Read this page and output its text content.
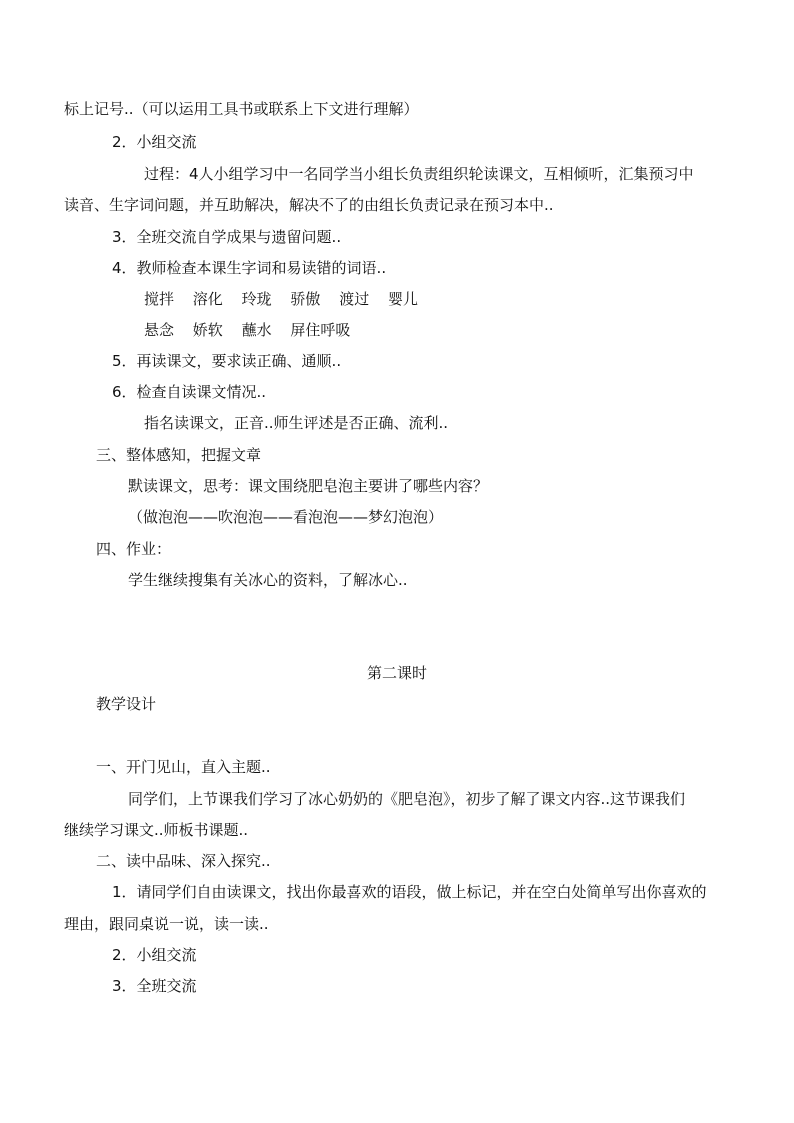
标上记号..（可以运用工具书或联系上下文进行理解）
2．小组交流
过程：4人小组学习中一名同学当小组长负责组织轮读课文，互相倾听，汇集预习中
读音、生字词问题，并互助解决，解决不了的由组长负责记录在预习本中..
3．全班交流自学成果与遗留问题..
4．教师检查本课生字词和易读错的词语..
搅拌 溶化 玲珑 骄傲 渡过 婴儿
悬念 娇软 蘸水 屏住呼吸
5．再读课文，要求读正确、通顺..
6．检查自读课文情况..
指名读课文，正音..师生评述是否正确、流利..
三、整体感知，把握文章
默读课文，思考：课文围绕肥皂泡主要讲了哪些内容？
（做泡泡——吹泡泡——看泡泡——梦幻泡泡）
四、作业：
学生继续搜集有关冰心的资料，了解冰心..
第二课时
教学设计
一、开门见山，直入主题..
同学们，上节课我们学习了冰心奶奶的《肥皂泡》，初步了解了课文内容..这节课我们
继续学习课文..师板书课题..
二、读中品味、深入探究..
1．请同学们自由读课文，找出你最喜欢的语段，做上标记，并在空白处简单写出你喜欢的
理由，跟同桌说一说，读一读..
2．小组交流
3．全班交流
